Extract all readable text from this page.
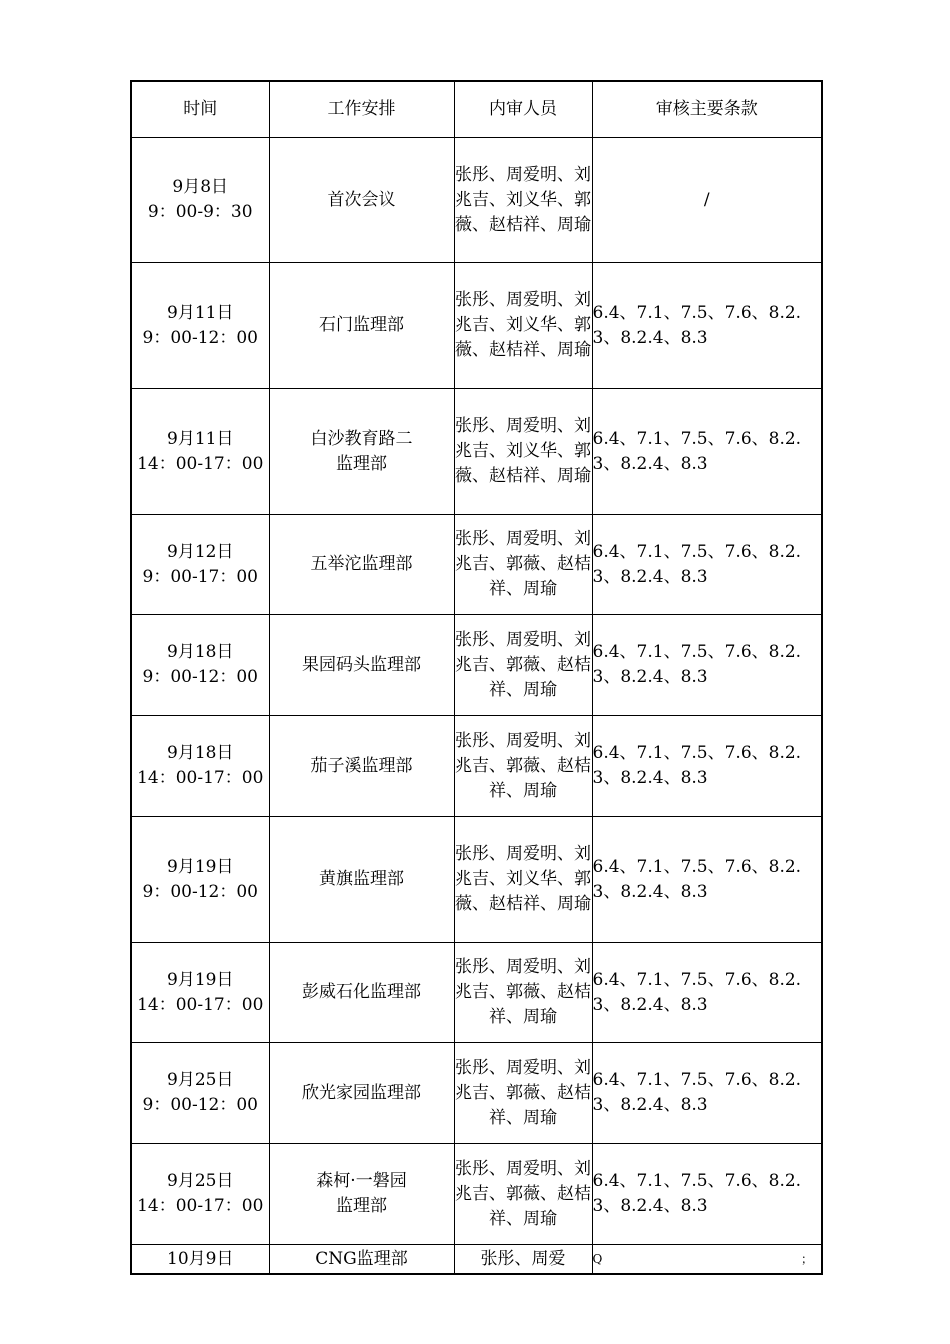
时间	工作安排	内审人员	审核主要条款

9月8日
9：00-9：30	首次会议	张彤、周爱明、刘兆吉、刘义华、郭薇、赵桔祥、周瑜	/

9月11日
9：00-12：00	石门监理部	张彤、周爱明、刘兆吉、刘义华、郭薇、赵桔祥、周瑜	6.4、7.1、7.5、7.6、8.2.3、8.2.4、8.3

9月11日
14：00-17：00	白沙教育路二监理部	张彤、周爱明、刘兆吉、刘义华、郭薇、赵桔祥、周瑜	6.4、7.1、7.5、7.6、8.2.3、8.2.4、8.3

9月12日
9：00-17：00	五举沱监理部	张彤、周爱明、刘兆吉、郭薇、赵桔祥、周瑜	6.4、7.1、7.5、7.6、8.2.3、8.2.4、8.3

9月18日
9：00-12：00	果园码头监理部	张彤、周爱明、刘兆吉、郭薇、赵桔祥、周瑜	6.4、7.1、7.5、7.6、8.2.3、8.2.4、8.3

9月18日
14：00-17：00	茄子溪监理部	张彤、周爱明、刘兆吉、郭薇、赵桔祥、周瑜	6.4、7.1、7.5、7.6、8.2.3、8.2.4、8.3

9月19日
9：00-12：00	黄旗监理部	张彤、周爱明、刘兆吉、刘义华、郭薇、赵桔祥、周瑜	6.4、7.1、7.5、7.6、8.2.3、8.2.4、8.3

9月19日
14：00-17：00	彭威石化监理部	张彤、周爱明、刘兆吉、郭薇、赵桔祥、周瑜	6.4、7.1、7.5、7.6、8.2.3、8.2.4、8.3

9月25日
9：00-12：00	欣光家园监理部	张彤、周爱明、刘兆吉、郭薇、赵桔祥、周瑜	6.4、7.1、7.5、7.6、8.2.3、8.2.4、8.3

9月25日
14：00-17：00	森柯·一磐园监理部	张彤、周爱明、刘兆吉、郭薇、赵桔祥、周瑜	6.4、7.1、7.5、7.6、8.2.3、8.2.4、8.3
10月9日	CNG监理部	张彤、周爱	Q ；
